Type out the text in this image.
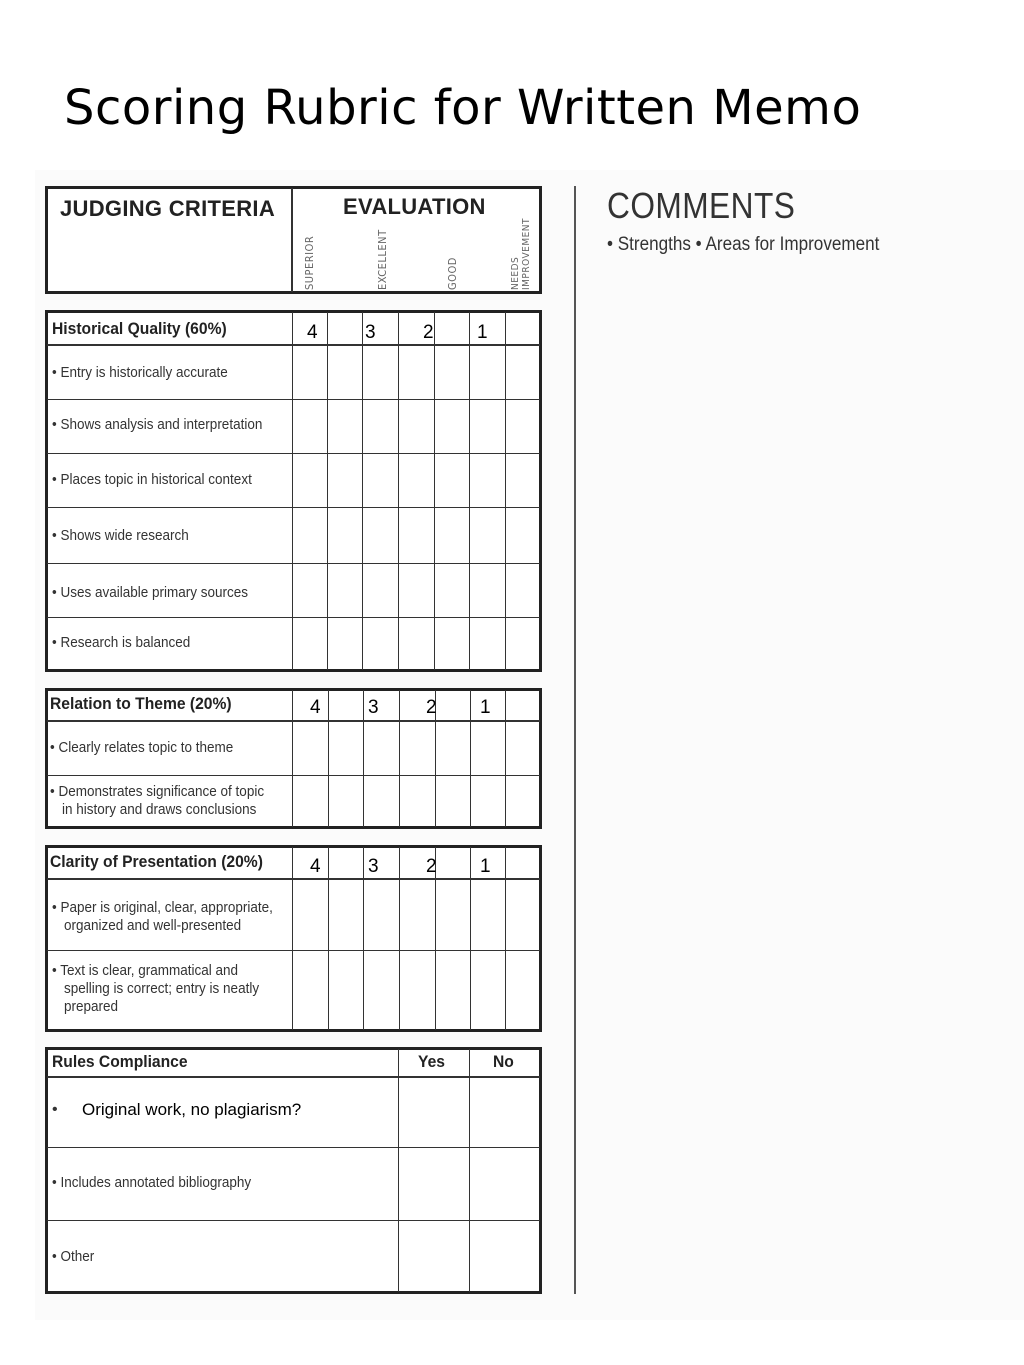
Scoring Rubric for Written Memo
JUDGING CRITERIA	EVALUATION
SUPERIOR	EXCELLENT	GOOD	NEEDS IMPROVEMENT
COMMENTS
• Strengths • Areas for Improvement
Historical Quality (60%)	4 3 2 1
• Entry is historically accurate
• Shows analysis and interpretation
• Places topic in historical context
• Shows wide research
• Uses available primary sources
• Research is balanced
Relation to Theme (20%)	4 3 2 1
• Clearly relates topic to theme
• Demonstrates significance of topic
in history and draws conclusions
Clarity of Presentation (20%) 4 3 2 1
• Paper is original, clear, appropriate,
organized and well-presented
• Text is clear, grammatical and
spelling is correct; entry is neatly
prepared
Rules Compliance	Yes	No
• Original work, no plagiarism?
• Includes annotated bibliography
• Other
